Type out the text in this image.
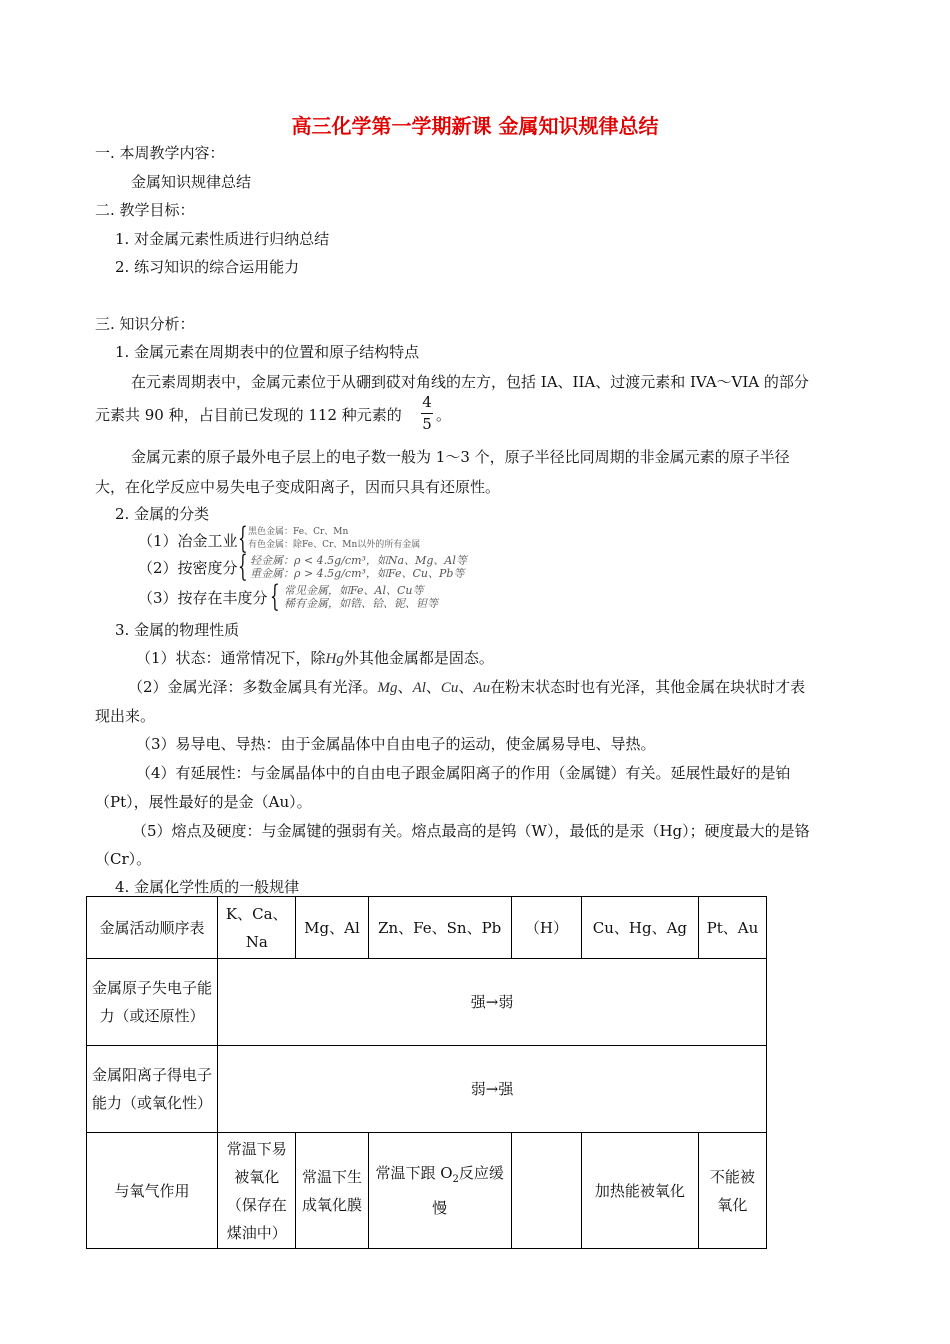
高三化学第一学期新课 金属知识规律总结
一. 本周教学内容：
金属知识规律总结
二. 教学目标：
1. 对金属元素性质进行归纳总结
2. 练习知识的综合运用能力
三. 知识分析：
1. 金属元素在周期表中的位置和原子结构特点
在元素周期表中，金属元素位于从硼到砹对角线的左方，包括 IA、IIA、过渡元素和 IVA～VIA 的部分
元素共 90 种，占目前已发现的 112 种元素的
4
5 。
金属元素的原子最外电子层上的电子数一般为 1～3 个，原子半径比同周期的非金属元素的原子半径
大，在化学反应中易失电子变成阳离子，因而只具有还原性。
2. 金属的分类
（1）冶金工业 { 黑色金属：Fe、Cr、Mn
有色金属：除Fe、Cr、Mn以外的所有金属
（2）按密度分 { 轻金属：ρ < 4.5g/cm³，如Na、Mg、Al等
重金属：ρ > 4.5g/cm³，如Fe、Cu、Pb等
（3）按存在丰度分 { 常见金属，如Fe、Al、Cu等
稀有金属，如锆、铪、铌、钽等
3. 金属的物理性质
（1）状态：通常情况下，除Hg外其他金属都是固态。
（2）金属光泽：多数金属具有光泽。Mg、Al、Cu、Au在粉末状态时也有光泽，其他金属在块状时才表
现出来。
（3）易导电、导热：由于金属晶体中自由电子的运动，使金属易导电、导热。
（4）有延展性：与金属晶体中的自由电子跟金属阳离子的作用（金属键）有关。延展性最好的是铂
（Pt），展性最好的是金（Au）。
（5）熔点及硬度：与金属键的强弱有关。熔点最高的是钨（W），最低的是汞（Hg）；硬度最大的是铬
（Cr）。
4. 金属化学性质的一般规律
金属活动顺序表	K、Ca、Na	Mg、Al	Zn、Fe、Sn、Pb	（H）	Cu、Hg、Ag	Pt、Au
金属原子失电子能力（或还原性）	强→弱					
金属阳离子得电子能力（或氧化性）	弱→强					
与氧气作用	常温下易被氧化（保存在煤油中）	常温下生成氧化膜	常温下跟 $O_2$反应缓慢		加热能被氧化	不能被氧化
